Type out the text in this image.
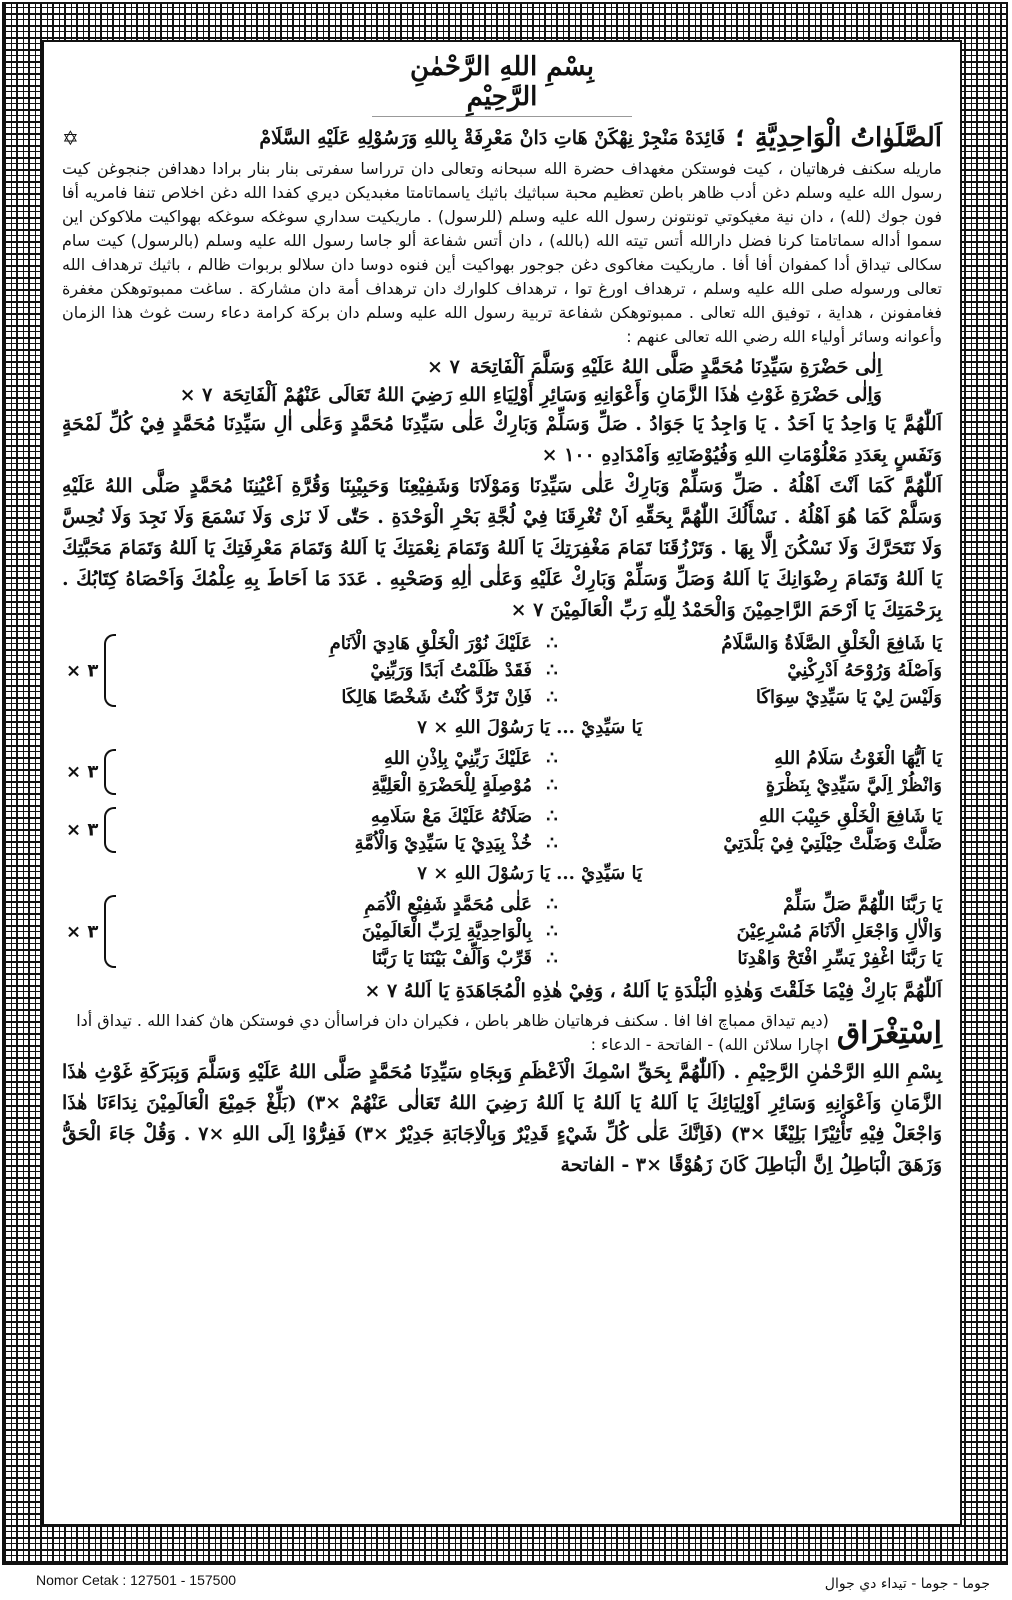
بِسْمِ اللهِ الرَّحْمٰنِ الرَّحِيْمِ
اَلصَّلَوٰاتُ الْوَاحِدِيَّةِ
؛
فَائِدَهْ مَنْجِرْ نِهْكَنْ هَاتِ دَانْ مَعْرِفَةْ بِاللهِ وَرَسُوْلِهِ عَلَيْهِ السَّلَامْ
✡
ماريله سكنف فرهاتيان ، كيت فوستكن مغهداف حضرة الله سبحانه وتعالى دان ترراسا سفرتى بنار بنار برادا دهدافن جنجوغن كيت رسول الله عليه وسلم دغن أدب ظاهر باطن تعظيم محبة سباثيك باثيك ياسماتامتا مغبديكن ديري كفدا الله دغن اخلاص تنفا فامريه أفا فون جوك (لله) ، دان نية مغيكوتي تونتونن رسول الله عليه وسلم (للرسول) . ماريكيت سداري سوغكه سوغكه بهواكيت ملاكوكن اين سموا أداله سماتامتا كرنا فضل دارالله أتس تيته الله (بالله) ، دان أتس شفاعة ألو جاسا رسول الله عليه وسلم (بالرسول) كيت سام سكالى تيداق أدا كمفوان أفا أفا . ماريكيت مغاكوى دغن جوجور بهواكيت أين فنوه دوسا دان سلالو بربوات ظالم ، باثيك ترهداف الله تعالى ورسوله صلى الله عليه وسلم ، ترهداف اورغ توا ، ترهداف كلوارك دان ترهداف أمة دان مشاركة . ساغت ممبوتوهكن مغفرة فغامفونن ، هداية ، توفيق الله تعالى . ممبوتوهكن شفاعة تربية رسول الله عليه وسلم دان بركة كرامة دعاء رست غوث هذا الزمان وأعوانه وسائر أولياء الله رضي الله تعالى عنهم :
اِلٰى حَضْرَةِ سَيِّدِنَا مُحَمَّدٍ صَلَّى اللهُ عَلَيْهِ وَسَلَّمَ اَلْفَاتِحَة
٧ ×
وَاِلٰى حَضْرَةِ غَوْثِ هٰذَا الزَّمَانِ وَأَعْوَانِهِ وَسَائِرِ أَوْلِيَاءِ اللهِ رَضِيَ اللهُ تَعَالَى عَنْهُمْ اَلْفَاتِحَة
٧ ×
اَللّٰهُمَّ يَا وَاحِدُ يَا اَحَدُ . يَا وَاجِدُ يَا جَوَادُ . صَلِّ وَسَلِّمْ وَبَارِكْ عَلٰى سَيِّدِنَا مُحَمَّدٍ وَعَلٰى اٰلِ سَيِّدِنَا مُحَمَّدٍ فِيْ كُلِّ لَمْحَةٍ وَنَفَسٍ بِعَدَدِ مَعْلُوْمَاتِ اللهِ وَفُيُوْضَاتِهِ وَاَمْدَادِهِ ١٠٠ ×
اَللّٰهُمَّ كَمَا اَنْتَ اَهْلُهُ . صَلِّ وَسَلِّمْ وَبَارِكْ عَلٰى سَيِّدِنَا وَمَوْلَانَا وَشَفِيْعِنَا وَحَبِيْبِنَا وَقُرَّةِ اَعْيُنِنَا مُحَمَّدٍ صَلَّى اللهُ عَلَيْهِ وَسَلَّمْ كَمَا هُوَ اَهْلُهُ . نَسْأَلُكَ اللّٰهُمَّ بِحَقِّهِ اَنْ تُغْرِقَنَا فِيْ لُجَّةِ بَحْرِ الْوَحْدَةِ . حَتّٰى لَا نَرٰى وَلَا نَسْمَعَ وَلَا نَجِدَ وَلَا نُحِسَّ وَلَا نَتَحَرَّكَ وَلَا نَسْكُنَ اِلَّا بِهَا . وَتَرْزُقَنَا تَمَامَ مَغْفِرَتِكَ يَا اَللهُ وَتَمَامَ نِعْمَتِكَ يَا اَللهُ وَتَمَامَ مَعْرِفَتِكَ يَا اَللهُ وَتَمَامَ مَحَبَّتِكَ يَا اَللهُ وَتَمَامَ رِضْوَانِكَ يَا اَللهُ وَصَلِّ وَسَلِّمْ وَبَارِكْ عَلَيْهِ وَعَلٰى اٰلِهِ وَصَحْبِهِ . عَدَدَ مَا اَحَاطَ بِهِ عِلْمُكَ وَاَحْصَاهُ كِتَابُكَ . بِرَحْمَتِكَ يَا اَرْحَمَ الرَّاحِمِيْنَ وَالْحَمْدُ لِلّٰهِ رَبِّ الْعَالَمِيْنَ ٧ ×
يَا شَافِعَ الْخَلْقِ الصَّلَاةُ وَالسَّلَامُ
∴
عَلَيْكَ نُوْرَ الْخَلْقِ هَادِيَ الْاَنَامِ
وَاَصْلَهُ وَرُوْحَهُ اَدْرِكْنِيْ
∴
فَقَدْ ظَلَمْتُ اَبَدًا وَرَبِّنِيْ
وَلَيْسَ لِيْ يَا سَيِّدِيْ سِوَاكَا
∴
فَاِنْ تَرُدَّ كُنْتُ شَخْصًا هَالِكَا
× ٣
يَا سَيِّدِيْ ... يَا رَسُوْلَ اللهِ × ٧
يَا اَيُّهَا الْغَوْثُ سَلَامُ اللهِ
∴
عَلَيْكَ رَبِّنِيْ بِاِذْنِ اللهِ
وَانْظُرْ اِلَيَّ سَيِّدِيْ بِنَظْرَةٍ
∴
مُوْصِلَةٍ لِلْحَضْرَةِ الْعَلِيَّةِ
× ٣
يَا شَافِعَ الْخَلْقِ حَبِيْبَ اللهِ
∴
صَلَاتُهُ عَلَيْكَ مَعْ سَلَامِهِ
ضَلَّتْ وَضَلَّتْ حِيْلَتِيْ فِيْ بَلْدَتِيْ
∴
خُذْ بِيَدِيْ يَا سَيِّدِيْ وَالْاُمَّةِ
× ٣
يَا سَيِّدِيْ ... يَا رَسُوْلَ اللهِ × ٧
يَا رَبَّنَا اللّٰهُمَّ صَلِّ سَلِّمْ
∴
عَلٰى مُحَمَّدٍ شَفِيْعِ الْاُمَمِ
وَالْاٰلِ وَاجْعَلِ الْاَنَامَ مُسْرِعِيْنَ
∴
بِالْوَاحِدِيَّةِ لِرَبِّ الْعَالَمِيْنَ
يَا رَبَّنَا اغْفِرْ يَسِّرِ افْتَحْ وَاهْدِنَا
∴
قَرِّبْ وَاَلِّفْ بَيْنَنَا يَا رَبَّنَا
× ٣
اَللّٰهُمَّ بَارِكْ فِيْمَا خَلَقْتَ وَهٰذِهِ الْبَلْدَةِ يَا اَللهُ ، وَفِيْ هٰذِهِ الْمُجَاهَدَةِ يَا اَللهُ ٧ ×
اِسْتِغْرَاق
(ديم تيداق ممباچ افا افا . سكنف فرهاتيان ظاهر باطن ، فكيران دان فراساأن دي فوستكن هاڽ كفدا الله . تيداق أدا اچارا سلائن الله) - الفاتحة - الدعاء :
بِسْمِ اللهِ الرَّحْمٰنِ الرَّحِيْمِ . (اَللّٰهُمَّ بِحَقِّ اسْمِكَ الْاَعْظَمِ وَبِجَاهِ سَيِّدِنَا مُحَمَّدٍ صَلَّى اللهُ عَلَيْهِ وَسَلَّمَ وَبِبَرَكَةِ غَوْثِ هٰذَا الزَّمَانِ وَاَعْوَانِهِ وَسَائِرِ اَوْلِيَائِكَ يَا اَللهُ يَا اَللهُ يَا اَللهُ رَضِيَ اللهُ تَعَالٰى عَنْهُمْ ×٣) (بَلِّغْ جَمِيْعَ الْعَالَمِيْنَ نِدَاءَنَا هٰذَا وَاجْعَلْ فِيْهِ تَأْثِيْرًا بَلِيْغًا ×٣) (فَاِنَّكَ عَلٰى كُلِّ شَيْءٍ قَدِيْرٌ وَبِالْاِجَابَةِ جَدِيْرٌ ×٣) فَفِرُّوْا اِلَى اللهِ ×٧ . وَقُلْ جَاءَ الْحَقُّ وَزَهَقَ الْبَاطِلُ اِنَّ الْبَاطِلَ كَانَ زَهُوْقًا ×٣ - الفاتحة
Nomor Cetak : 127501 - 157500	جوما - جوما - تيداء دي جوال
